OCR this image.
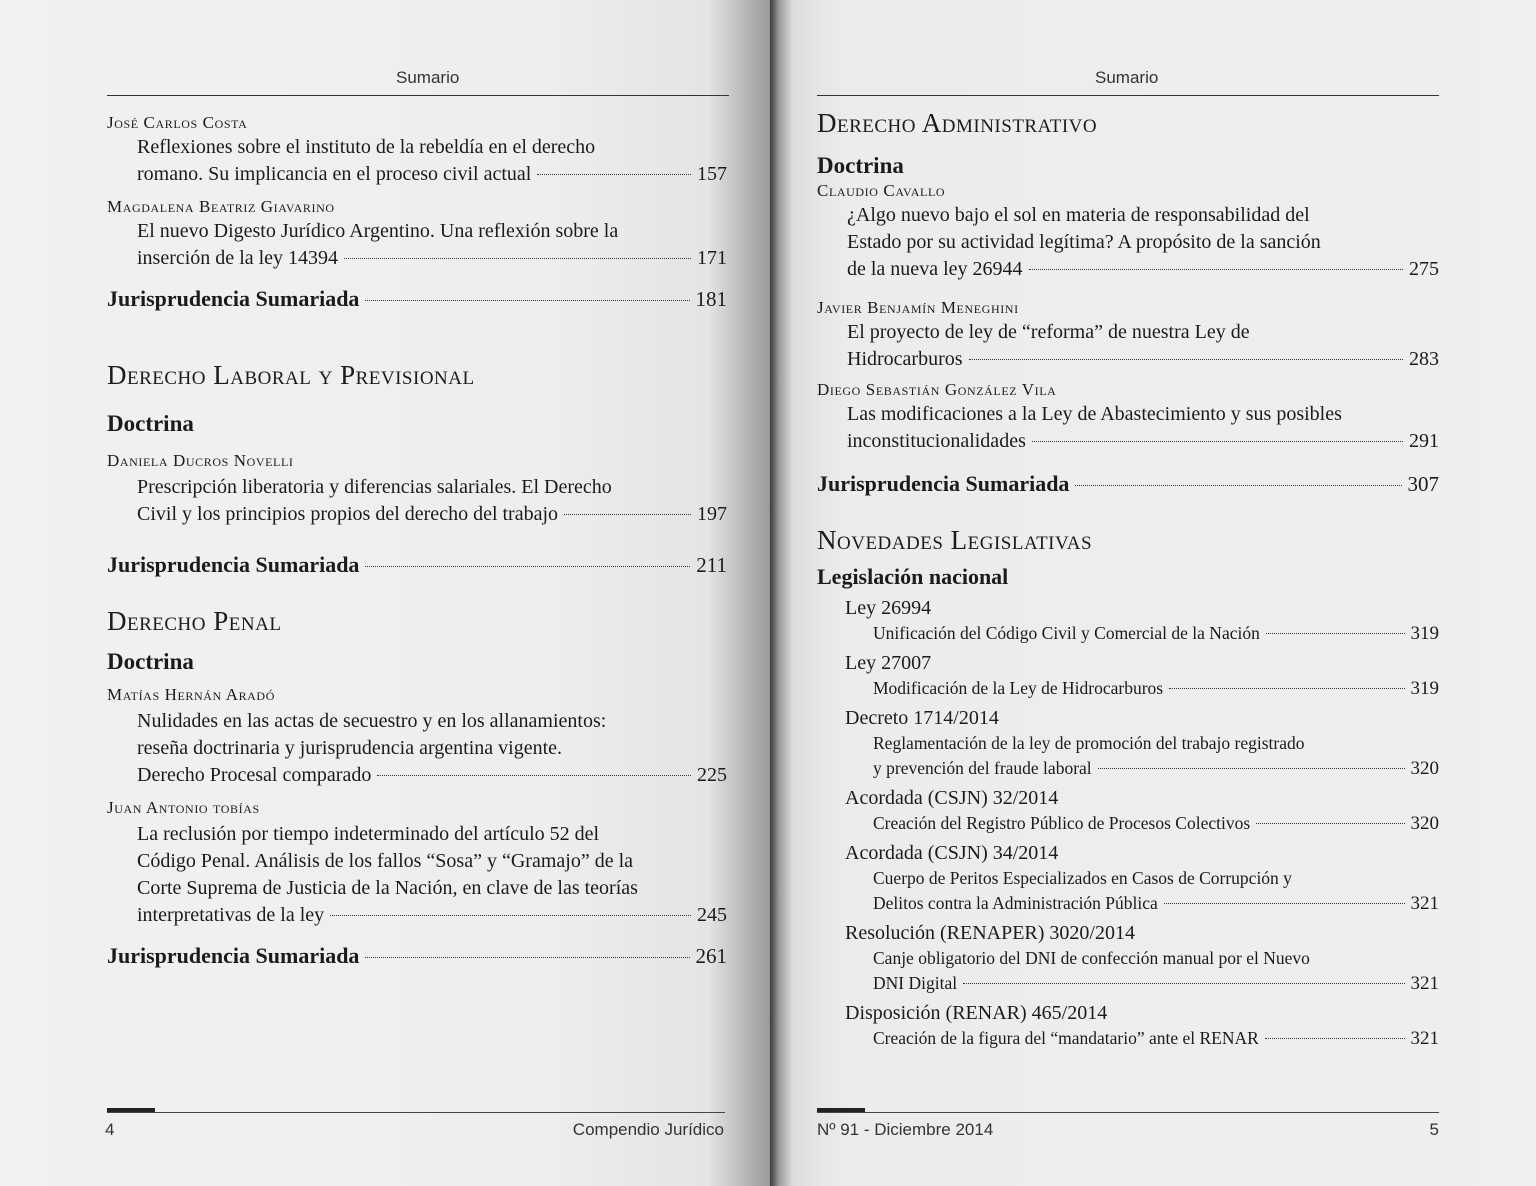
Sumario

José Carlos Costa

Reflexiones sobre el instituto de la rebeldía en el derecho
romano. Su implicancia en el proceso civil actual	157

Magdalena Beatriz Giavarino

El nuevo Digesto Jurídico Argentino. Una reflexión sobre la
inserción de la ley 14394	171
Jurisprudencia Sumariada	181

Derecho Laboral y Previsional

Doctrina

Daniela Ducros Novelli

Prescripción liberatoria y diferencias salariales. El Derecho
Civil y los principios propios del derecho del trabajo	197
Jurisprudencia Sumariada	211

Derecho Penal

Doctrina

Matías Hernán Aradó

Nulidades en las actas de secuestro y en los allanamientos:
reseña doctrinaria y jurisprudencia argentina vigente.
Derecho Procesal comparado	225

Juan Antonio tobías

La reclusión por tiempo indeterminado del artículo 52 del
Código Penal. Análisis de los fallos “Sosa” y “Gramajo” de la
Corte Suprema de Justicia de la Nación, en clave de las teorías
interpretativas de la ley	245
Jurisprudencia Sumariada	261
4	Compendio Jurídico
Sumario

Derecho Administrativo

Doctrina

Claudio Cavallo

¿Algo nuevo bajo el sol en materia de responsabilidad del
Estado por su actividad legítima? A propósito de la sanción
de la nueva ley 26944	275

Javier Benjamín Meneghini

El proyecto de ley de “reforma” de nuestra Ley de
Hidrocarburos	283

Diego Sebastián González Vila

Las modificaciones a la Ley de Abastecimiento y sus posibles
inconstitucionalidades	291
Jurisprudencia Sumariada	307

Novedades Legislativas

Legislación nacional

Ley 26994

Unificación del Código Civil y Comercial de la Nación	319

Ley 27007

Modificación de la Ley de Hidrocarburos	319

Decreto 1714/2014

Reglamentación de la ley de promoción del trabajo registrado
y prevención del fraude laboral	320

Acordada (CSJN) 32/2014

Creación del Registro Público de Procesos Colectivos	320

Acordada (CSJN) 34/2014

Cuerpo de Peritos Especializados en Casos de Corrupción y
Delitos contra la Administración Pública	321

Resolución (RENAPER) 3020/2014

Canje obligatorio del DNI de confección manual por el Nuevo
DNI Digital	321

Disposición (RENAR) 465/2014

Creación de la figura del “mandatario” ante el RENAR	321
Nº 91 - Diciembre 2014	5
